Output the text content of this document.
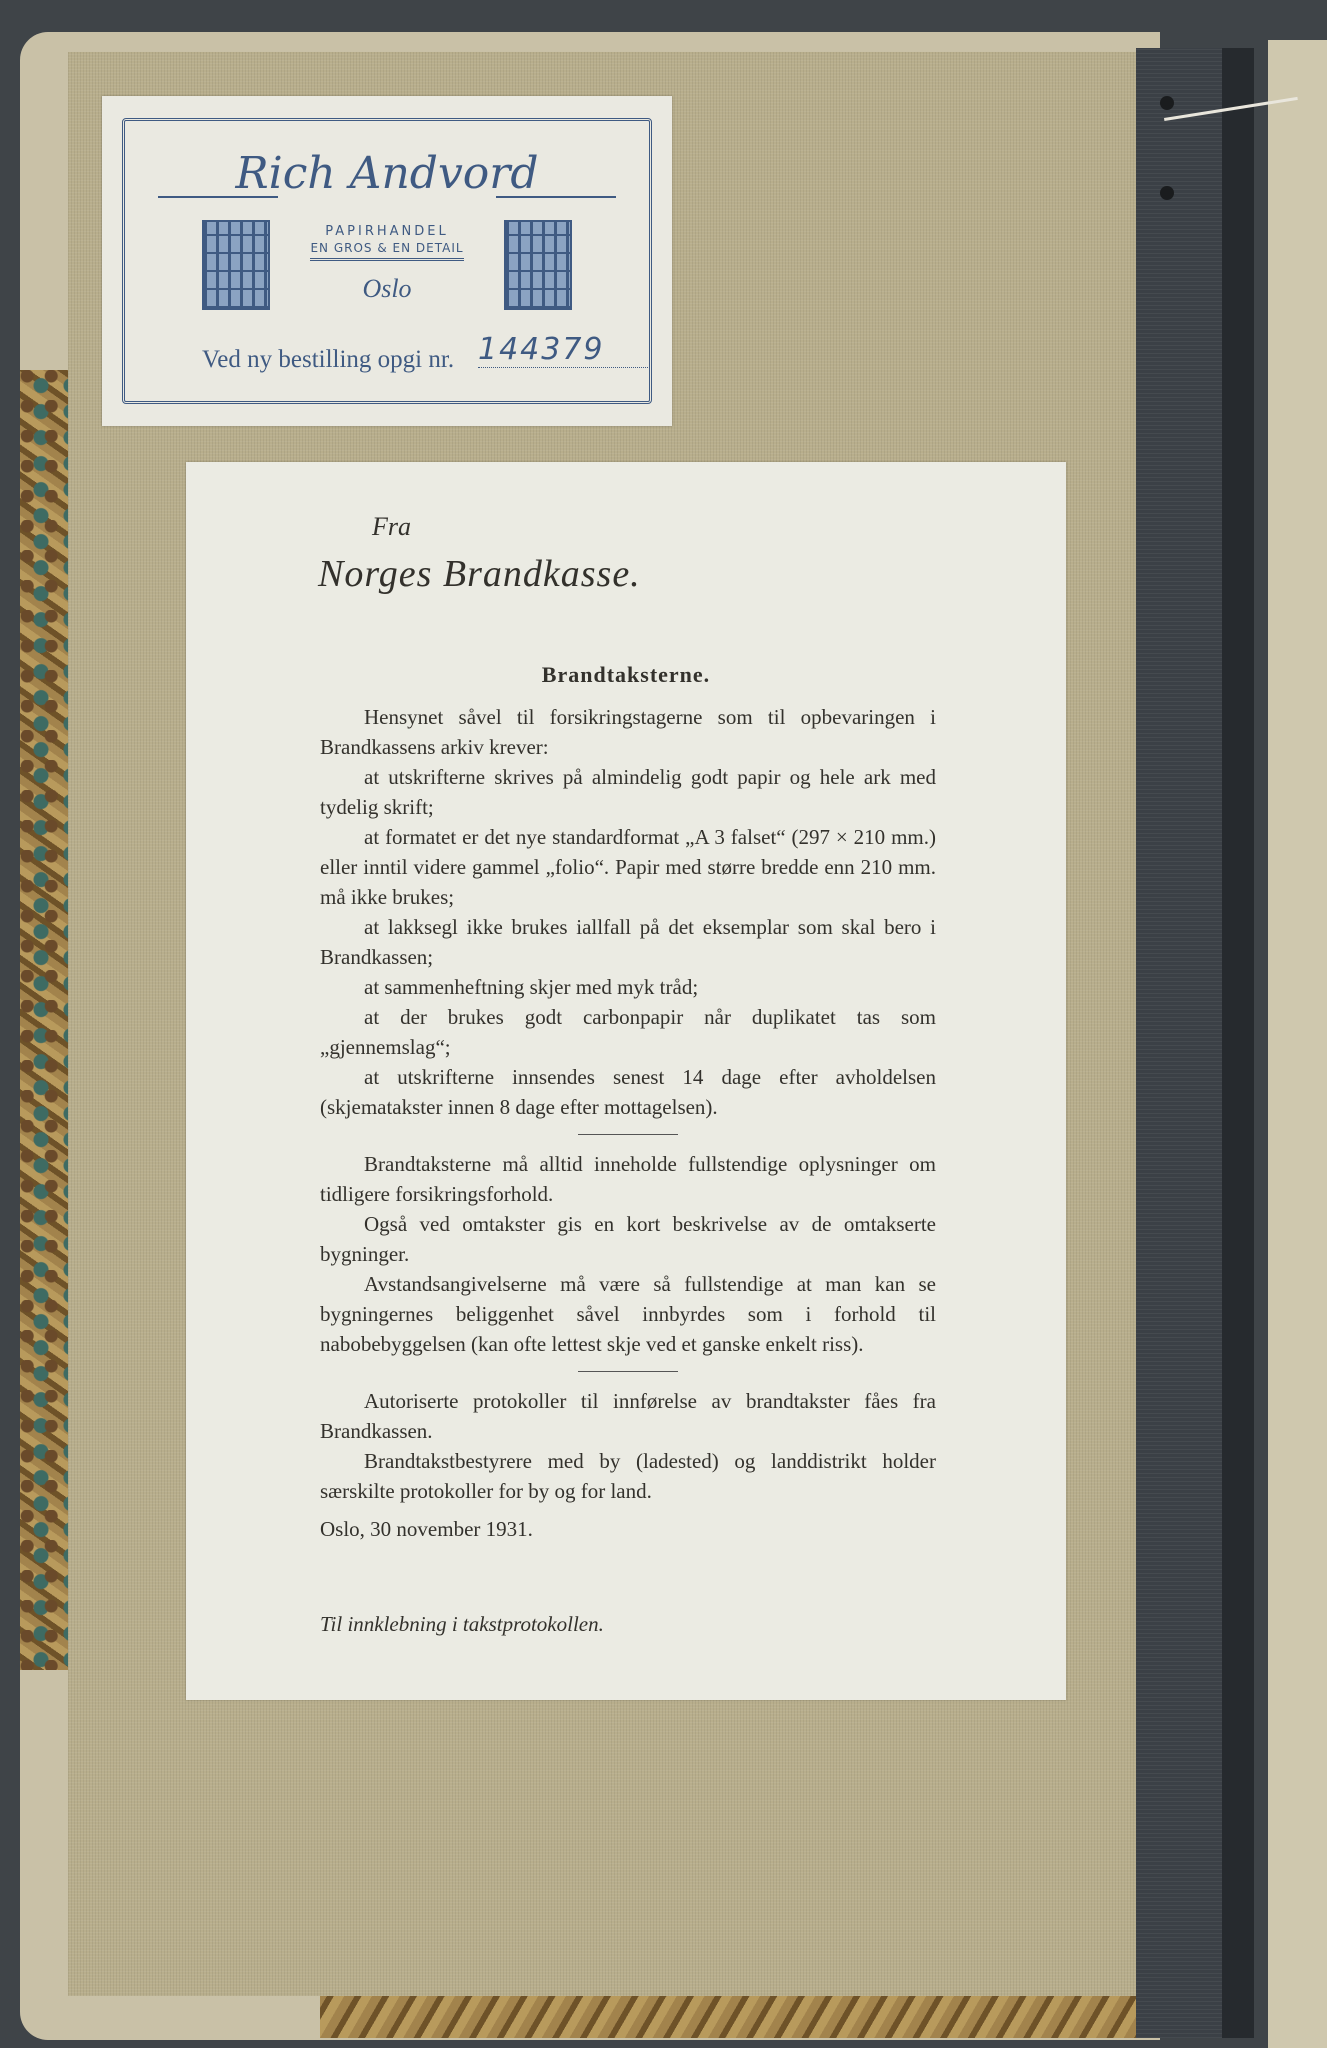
Rich Andvord
PAPIRHANDEL
EN GROS & EN DETAIL
Oslo
Ved ny bestilling opgi nr. 144379
Fra
Norges Brandkasse.
Brandtaksterne.

Hensynet såvel til forsikringstagerne som til opbevaringen i Brandkassens arkiv krever:

at utskrifterne skrives på almindelig godt papir og hele ark med tydelig skrift;

at formatet er det nye standardformat „A 3 falset“ (297 × 210 mm.) eller inntil videre gammel „folio“. Papir med større bredde enn 210 mm. må ikke brukes;

at lakksegl ikke brukes iallfall på det eksemplar som skal bero i Brandkassen;

at sammenheftning skjer med myk tråd;

at der brukes godt carbonpapir når duplikatet tas som „gjennemslag“;

at utskrifterne innsendes senest 14 dage efter avholdelsen (skjematakster innen 8 dage efter mottagelsen).

Brandtaksterne må alltid inneholde fullstendige oplysninger om tidligere forsikringsforhold.

Også ved omtakster gis en kort beskrivelse av de omtakserte bygninger.

Avstandsangivelserne må være så fullstendige at man kan se bygningernes beliggenhet såvel innbyrdes som i forhold til nabobebyggelsen (kan ofte lettest skje ved et ganske enkelt riss).

Autoriserte protokoller til innførelse av brandtakster fåes fra Brandkassen.

Brandtakstbestyrere med by (ladested) og landdistrikt holder særskilte protokoller for by og for land.

Oslo, 30 november 1931.

Til innklebning i takstprotokollen.
